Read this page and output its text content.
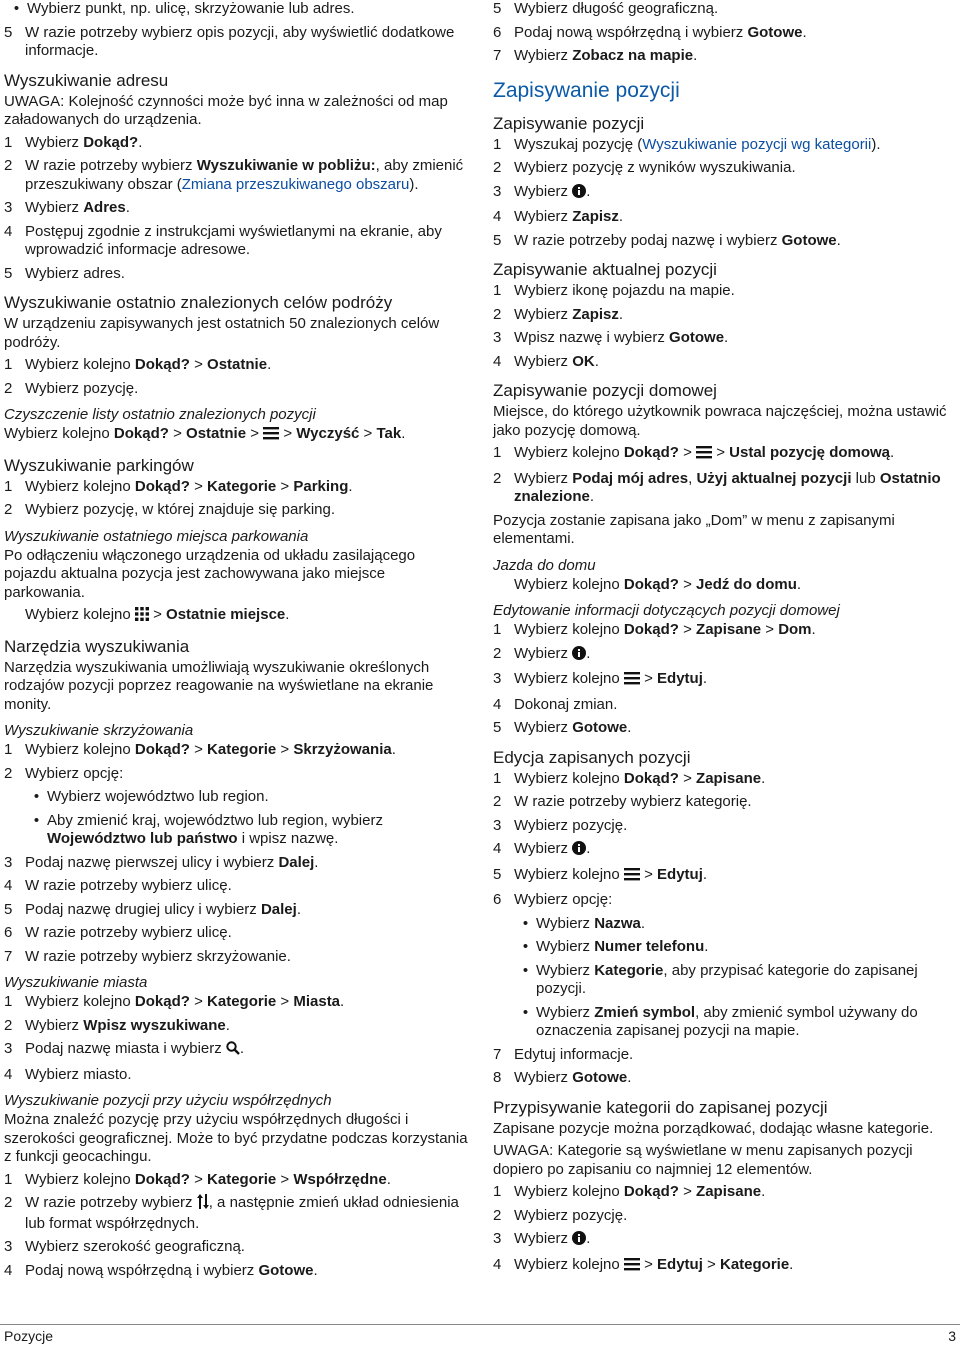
• Wybierz punkt, np. ulicę, skrzyżowanie lub adres.
5 W razie potrzeby wybierz opis pozycji, aby wyświetlić dodatkowe informacje.
Wyszukiwanie adresu

UWAGA: Kolejność czynności może być inna w zależności od map załadowanych do urządzenia.

1 Wybierz Dokąd?.
2 W razie potrzeby wybierz Wyszukiwanie w pobliżu:, aby zmienić przeszukiwany obszar (Zmiana przeszukiwanego obszaru).
3 Wybierz Adres.
4 Postępuj zgodnie z instrukcjami wyświetlanymi na ekranie, aby wprowadzić informacje adresowe.
5 Wybierz adres.
Wyszukiwanie ostatnio znalezionych celów podróży

W urządzeniu zapisywanych jest ostatnich 50 znalezionych celów podróży.

1 Wybierz kolejno Dokąd? > Ostatnie.
2 Wybierz pozycję.
Czyszczenie listy ostatnio znalezionych pozycji

Wybierz kolejno Dokąd? > Ostatnie >  > Wyczyść > Tak.

Wyszukiwanie parkingów
1 Wybierz kolejno Dokąd? > Kategorie > Parking.
2 Wybierz pozycję, w której znajduje się parking.
Wyszukiwanie ostatniego miejsca parkowania

Po odłączeniu włączonego urządzenia od układu zasilającego pojazdu aktualna pozycja jest zachowywana jako miejsce parkowania.

Wybierz kolejno  > Ostatnie miejsce.

Narzędzia wyszukiwania

Narzędzia wyszukiwania umożliwiają wyszukiwanie określonych rodzajów pozycji poprzez reagowanie na wyświetlane na ekranie monity.

Wyszukiwanie skrzyżowania
1 Wybierz kolejno Dokąd? > Kategorie > Skrzyżowania.
2 Wybierz opcję:
• Wybierz województwo lub region.
• Aby zmienić kraj, województwo lub region, wybierz Województwo lub państwo i wpisz nazwę.
3 Podaj nazwę pierwszej ulicy i wybierz Dalej.
4 W razie potrzeby wybierz ulicę.
5 Podaj nazwę drugiej ulicy i wybierz Dalej.
6 W razie potrzeby wybierz ulicę.
7 W razie potrzeby wybierz skrzyżowanie.
Wyszukiwanie miasta
1 Wybierz kolejno Dokąd? > Kategorie > Miasta.
2 Wybierz Wpisz wyszukiwane.
3 Podaj nazwę miasta i wybierz .
4 Wybierz miasto.
Wyszukiwanie pozycji przy użyciu współrzędnych

Można znaleźć pozycję przy użyciu współrzędnych długości i szerokości geograficznej. Może to być przydatne podczas korzystania z funkcji geocachingu.

1 Wybierz kolejno Dokąd? > Kategorie > Współrzędne.
2 W razie potrzeby wybierz , a następnie zmień układ odniesienia lub format współrzędnych.
3 Wybierz szerokość geograficzną.
4 Podaj nową współrzędną i wybierz Gotowe.
5 Wybierz długość geograficzną.
6 Podaj nową współrzędną i wybierz Gotowe.
7 Wybierz Zobacz na mapie.
Zapisywanie pozycji
Zapisywanie pozycji
1 Wyszukaj pozycję (Wyszukiwanie pozycji wg kategorii).
2 Wybierz pozycję z wyników wyszukiwania.
3 Wybierz .
4 Wybierz Zapisz.
5 W razie potrzeby podaj nazwę i wybierz Gotowe.
Zapisywanie aktualnej pozycji
1 Wybierz ikonę pojazdu na mapie.
2 Wybierz Zapisz.
3 Wpisz nazwę i wybierz Gotowe.
4 Wybierz OK.
Zapisywanie pozycji domowej

Miejsce, do którego użytkownik powraca najczęściej, można ustawić jako pozycję domową.

1 Wybierz kolejno Dokąd? >  > Ustal pozycję domową.
2 Wybierz Podaj mój adres, Użyj aktualnej pozycji lub Ostatnio znalezione.

Pozycja zostanie zapisana jako „Dom” w menu z zapisanymi elementami.

Jazda do domu

Wybierz kolejno Dokąd? > Jedź do domu.

Edytowanie informacji dotyczących pozycji domowej
1 Wybierz kolejno Dokąd? > Zapisane > Dom.
2 Wybierz .
3 Wybierz kolejno  > Edytuj.
4 Dokonaj zmian.
5 Wybierz Gotowe.
Edycja zapisanych pozycji
1 Wybierz kolejno Dokąd? > Zapisane.
2 W razie potrzeby wybierz kategorię.
3 Wybierz pozycję.
4 Wybierz .
5 Wybierz kolejno  > Edytuj.
6 Wybierz opcję:
• Wybierz Nazwa.
• Wybierz Numer telefonu.
• Wybierz Kategorie, aby przypisać kategorie do zapisanej pozycji.
• Wybierz Zmień symbol, aby zmienić symbol używany do oznaczenia zapisanej pozycji na mapie.
7 Edytuj informacje.
8 Wybierz Gotowe.
Przypisywanie kategorii do zapisanej pozycji

Zapisane pozycje można porządkować, dodając własne kategorie.

UWAGA: Kategorie są wyświetlane w menu zapisanych pozycji dopiero po zapisaniu co najmniej 12 elementów.

1 Wybierz kolejno Dokąd? > Zapisane.
2 Wybierz pozycję.
3 Wybierz .
4 Wybierz kolejno  > Edytuj > Kategorie.
Pozycje	3
